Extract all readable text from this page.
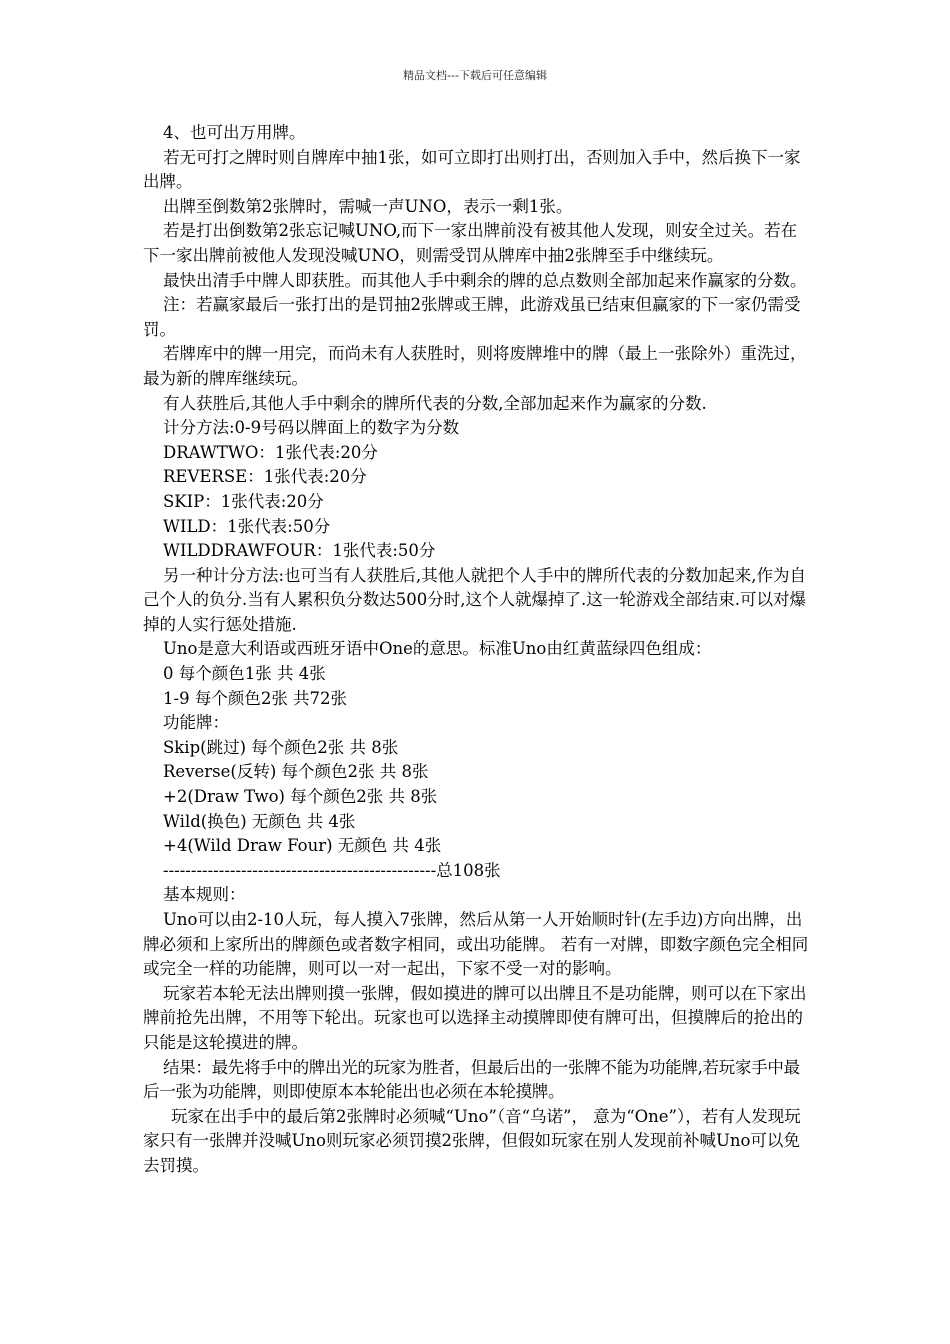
精品文档---下载后可任意编辑

4、也可出万用牌。

若无可打之牌时则自牌库中抽1张，如可立即打出则打出，否则加入手中，然后换下一家出牌。

出牌至倒数第2张牌时，需喊一声UNO，表示一剩1张。

若是打出倒数第2张忘记喊UNO,而下一家出牌前没有被其他人发现，则安全过关。若在下一家出牌前被他人发现没喊UNO，则需受罚从牌库中抽2张牌至手中继续玩。

最快出清手中牌人即获胜。而其他人手中剩余的牌的总点数则全部加起来作赢家的分数。

注：若赢家最后一张打出的是罚抽2张牌或王牌，此游戏虽已结束但赢家的下一家仍需受罚。

若牌库中的牌一用完，而尚未有人获胜时，则将废牌堆中的牌（最上一张除外）重洗过，最为新的牌库继续玩。

有人获胜后,其他人手中剩余的牌所代表的分数,全部加起来作为赢家的分数.

计分方法:0-9号码以牌面上的数字为分数

DRAWTWO：1张代表:20分

REVERSE：1张代表:20分

SKIP：1张代表:20分

WILD：1张代表:50分

WILDDRAWFOUR：1张代表:50分

另一种计分方法:也可当有人获胜后,其他人就把个人手中的牌所代表的分数加起来,作为自己个人的负分.当有人累积负分数达500分时,这个人就爆掉了.这一轮游戏全部结束.可以对爆掉的人实行惩处措施.

Uno是意大利语或西班牙语中One的意思。标准Uno由红黄蓝绿四色组成：

0 每个颜色1张 共 4张

1-9 每个颜色2张 共72张

功能牌：

Skip(跳过) 每个颜色2张 共 8张

Reverse(反转) 每个颜色2张 共 8张

+2(Draw Two) 每个颜色2张 共 8张

Wild(换色) 无颜色 共 4张

+4(Wild Draw Four) 无颜色 共 4张

-------------------------------------------------总108张

基本规则：

Uno可以由2-10人玩，每人摸入7张牌，然后从第一人开始顺时针(左手边)方向出牌，出牌必须和上家所出的牌颜色或者数字相同，或出功能牌。 若有一对牌，即数字颜色完全相同或完全一样的功能牌，则可以一对一起出，下家不受一对的影响。

玩家若本轮无法出牌则摸一张牌，假如摸进的牌可以出牌且不是功能牌，则可以在下家出牌前抢先出牌，不用等下轮出。玩家也可以选择主动摸牌即使有牌可出，但摸牌后的抢出的只能是这轮摸进的牌。

结果：最先将手中的牌出光的玩家为胜者，但最后出的一张牌不能为功能牌,若玩家手中最后一张为功能牌，则即使原本本轮能出也必须在本轮摸牌。

玩家在出手中的最后第2张牌时必须喊“Uno”（音“乌诺”， 意为“One”），若有人发现玩家只有一张牌并没喊Uno则玩家必须罚摸2张牌，但假如玩家在别人发现前补喊Uno可以免去罚摸。
